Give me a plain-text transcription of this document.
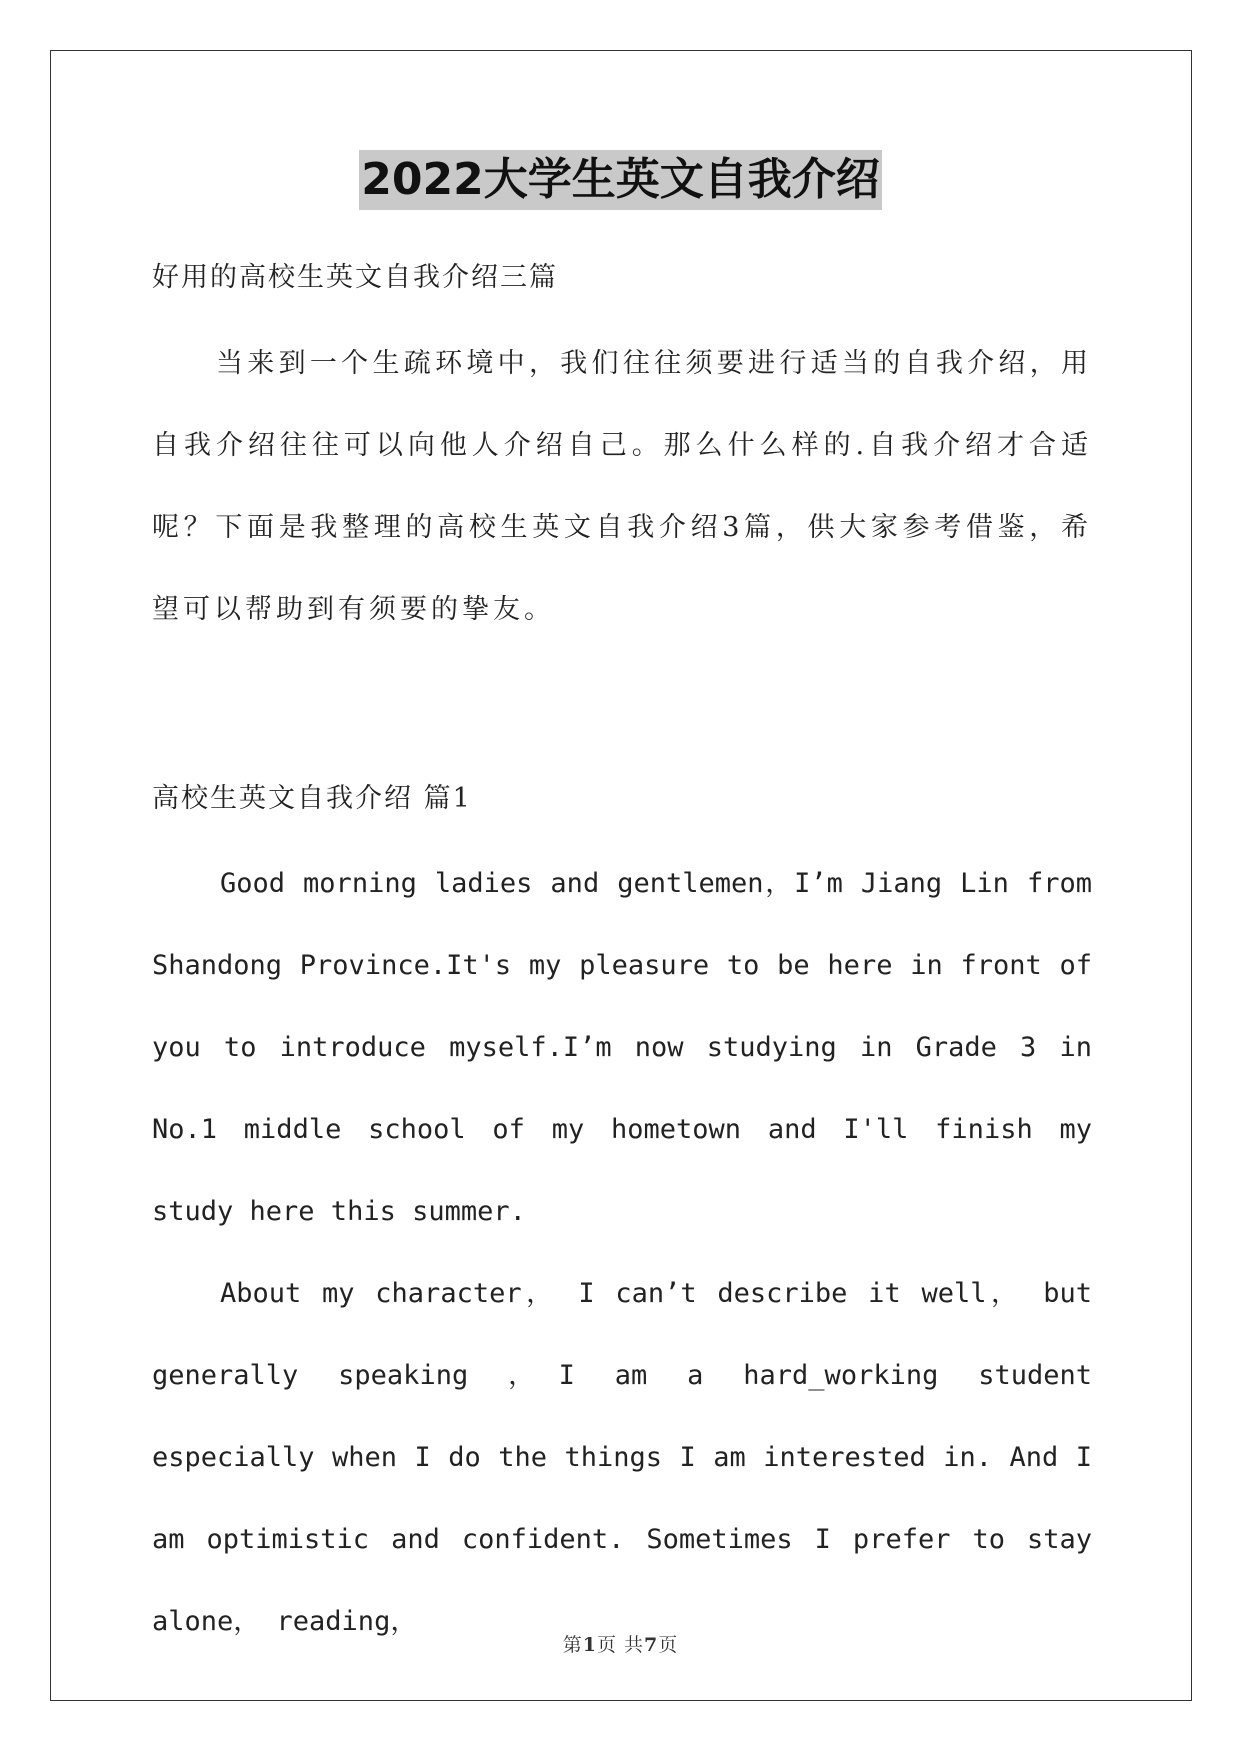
2022大学生英文自我介绍

好用的高校生英文自我介绍三篇

当来到一个生疏环境中，我们往往须要进行适当的自我介绍，用自我介绍往往可以向他人介绍自己。那么什么样的.自我介绍才合适呢？下面是我整理的高校生英文自我介绍3篇，供大家参考借鉴，希望可以帮助到有须要的挚友。

高校生英文自我介绍 篇1

Good morning ladies and gentlemen，I’m Jiang Lin from Shandong Province.It's my pleasure to be here in front of you to introduce myself.I’m now studying in Grade 3 in No.1 middle school of my hometown and I'll finish my study here this summer.

About my character， I can’t describe it well， but generally speaking ，I am a hard_working student especially when I do the things I am interested in. And I am optimistic and confident. Sometimes I prefer to stay alone， reading，

第1页 共7页
